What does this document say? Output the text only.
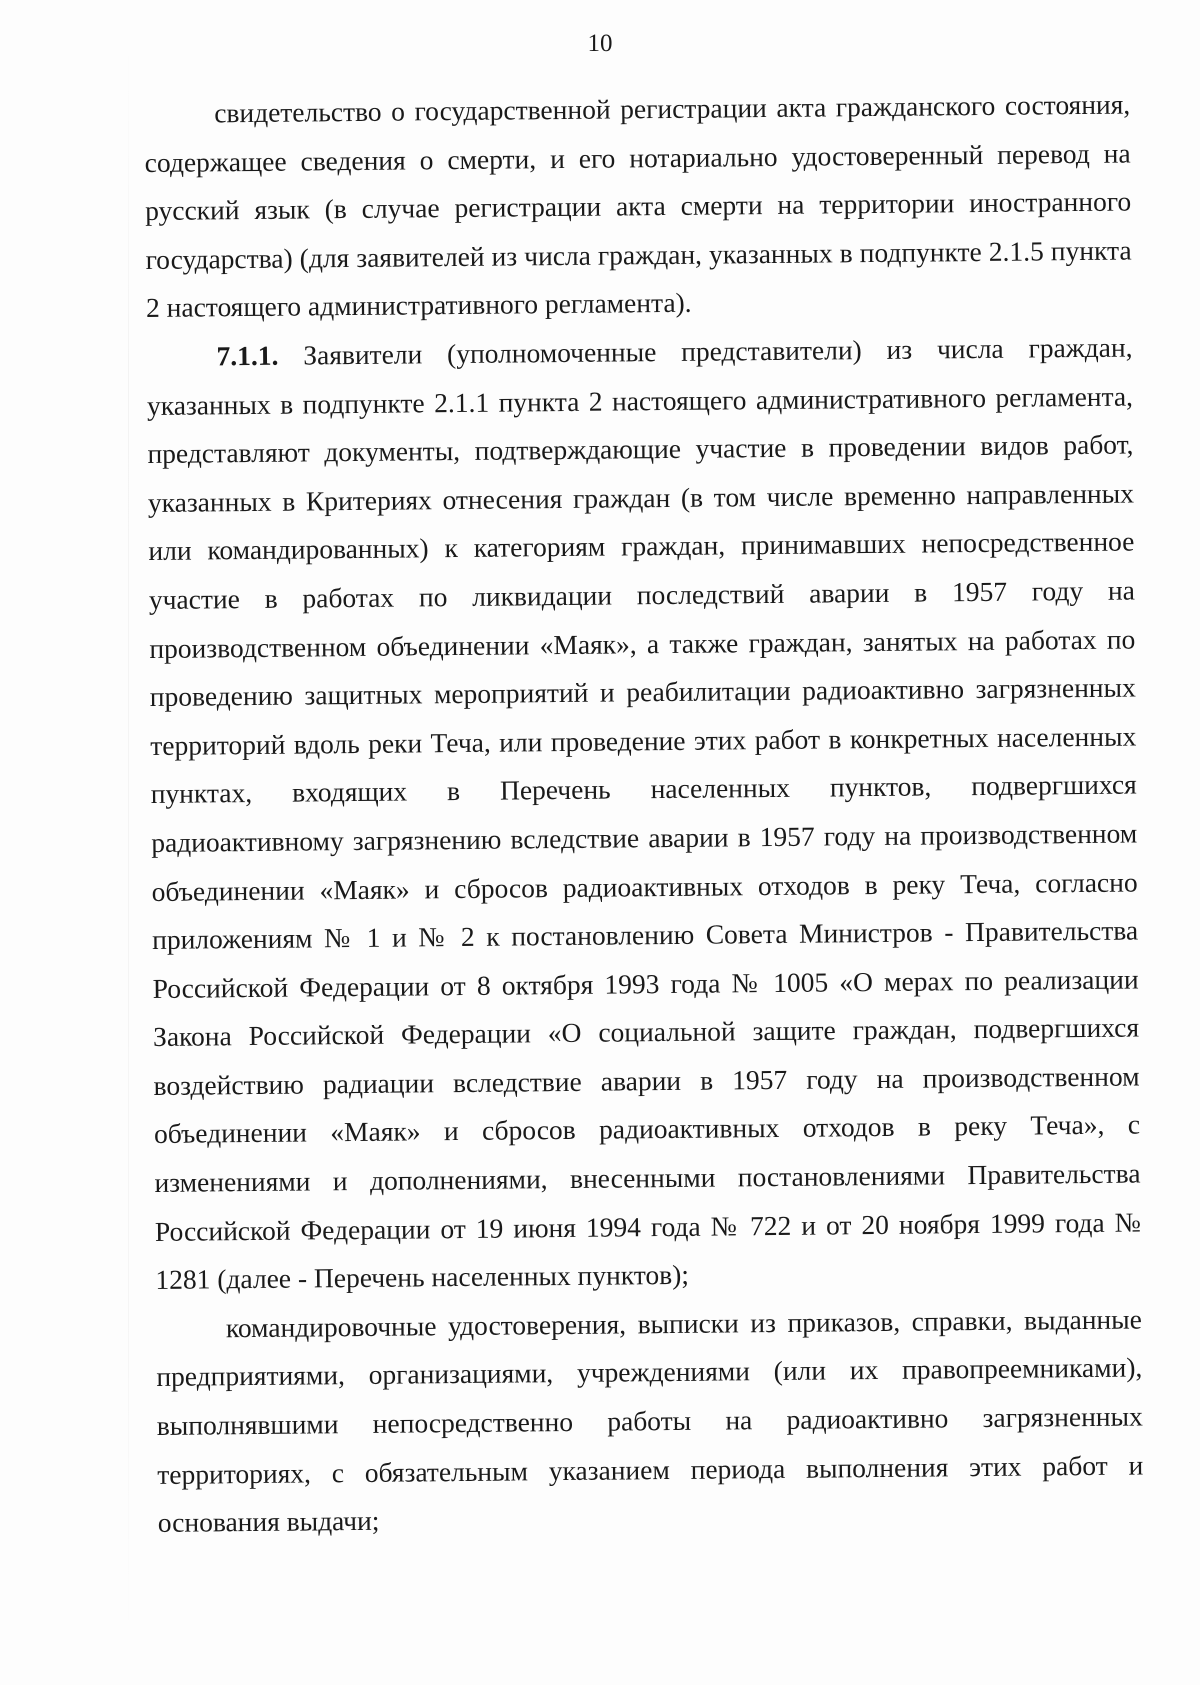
10

свидетельство о государственной регистрации акта гражданского состояния, содержащее сведения о смерти, и его нотариально удостоверенный перевод на русский язык (в случае регистрации акта смерти на территории иностранного государства) (для заявителей из числа граждан, указанных в подпункте 2.1.5 пункта 2 настоящего административного регламента).

7.1.1. Заявители (уполномоченные представители) из числа граждан, указанных в подпункте 2.1.1 пункта 2 настоящего административного регламента, представляют документы, подтверждающие участие в проведении видов работ, указанных в Критериях отнесения граждан (в том числе временно направленных или командированных) к категориям граждан, принимавших непосредственное участие в работах по ликвидации последствий аварии в 1957 году на производственном объединении «Маяк», а также граждан, занятых на работах по проведению защитных мероприятий и реабилитации радиоактивно загрязненных территорий вдоль реки Теча, или проведение этих работ в конкретных населенных пунктах, входящих в Перечень населенных пунктов, подвергшихся радиоактивному загрязнению вследствие аварии в 1957 году на производственном объединении «Маяк» и сбросов радиоактивных отходов в реку Теча, согласно приложениям № 1 и № 2 к постановлению Совета Министров - Правительства Российской Федерации от 8 октября 1993 года № 1005 «О мерах по реализации Закона Российской Федерации «О социальной защите граждан, подвергшихся воздействию радиации вследствие аварии в 1957 году на производственном объединении «Маяк» и сбросов радиоактивных отходов в реку Теча», с изменениями и дополнениями, внесенными постановлениями Правительства Российской Федерации от 19 июня 1994 года № 722 и от 20 ноября 1999 года № 1281 (далее - Перечень населенных пунктов);

командировочные удостоверения, выписки из приказов, справки, выданные предприятиями, организациями, учреждениями (или их правопреемниками), выполнявшими непосредственно работы на радиоактивно загрязненных территориях, с обязательным указанием периода выполнения этих работ и основания выдачи;
